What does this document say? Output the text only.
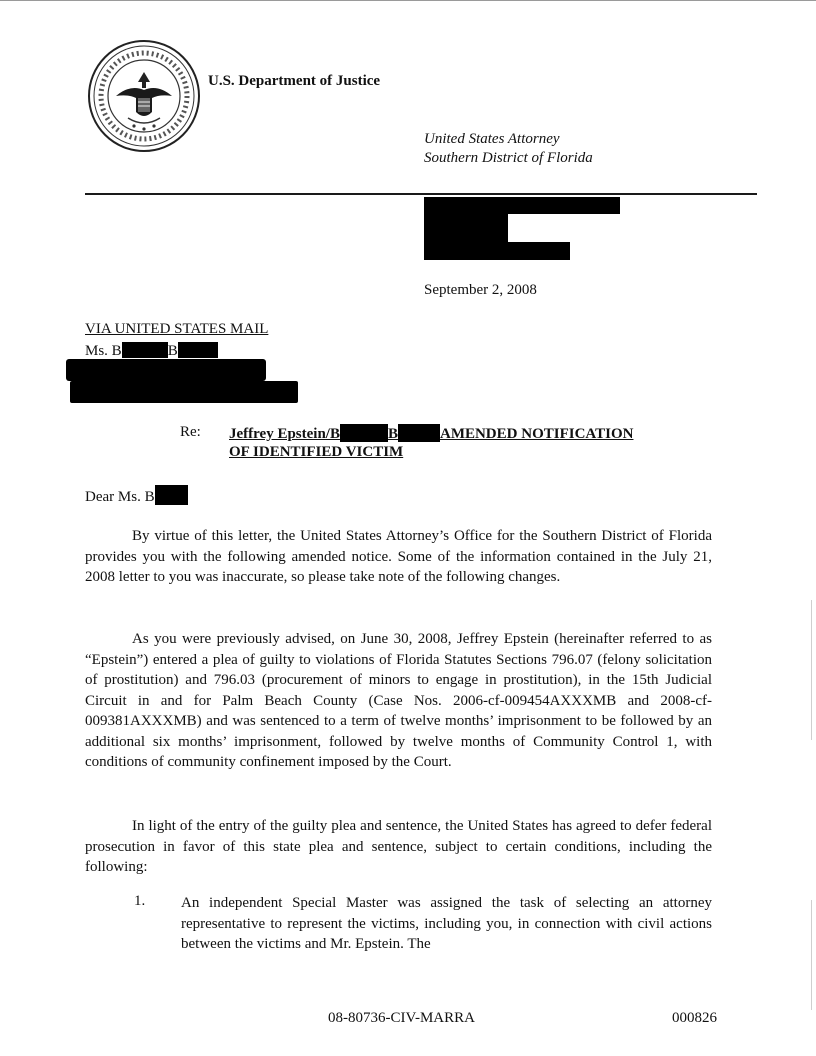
U.S. Department of Justice
United States Attorney
Southern District of Florida
September 2, 2008
VIA UNITED STATES MAIL
Ms. B	B
Re: Jeffrey Epstein/B	B	AMENDED NOTIFICATION
OF IDENTIFIED VICTIM
Dear Ms. B

By virtue of this letter, the United States Attorney’s Office for the Southern District of Florida provides you with the following amended notice. Some of the information contained in the July 21, 2008 letter to you was inaccurate, so please take note of the following changes.

As you were previously advised, on June 30, 2008, Jeffrey Epstein (hereinafter referred to as “Epstein”) entered a plea of guilty to violations of Florida Statutes Sections 796.07 (felony solicitation of prostitution) and 796.03 (procurement of minors to engage in prostitution), in the 15th Judicial Circuit in and for Palm Beach County (Case Nos. 2006-cf-009454AXXXMB and 2008-cf-009381AXXXMB) and was sentenced to a term of twelve months’ imprisonment to be followed by an additional six months’ imprisonment, followed by twelve months of Community Control 1, with conditions of community confinement imposed by the Court.

In light of the entry of the guilty plea and sentence, the United States has agreed to defer federal prosecution in favor of this state plea and sentence, subject to certain conditions, including the following:

1. An independent Special Master was assigned the task of selecting an attorney representative to represent the victims, including you, in connection with civil actions between the victims and Mr. Epstein. The

08-80736-CIV-MARRA	000826
